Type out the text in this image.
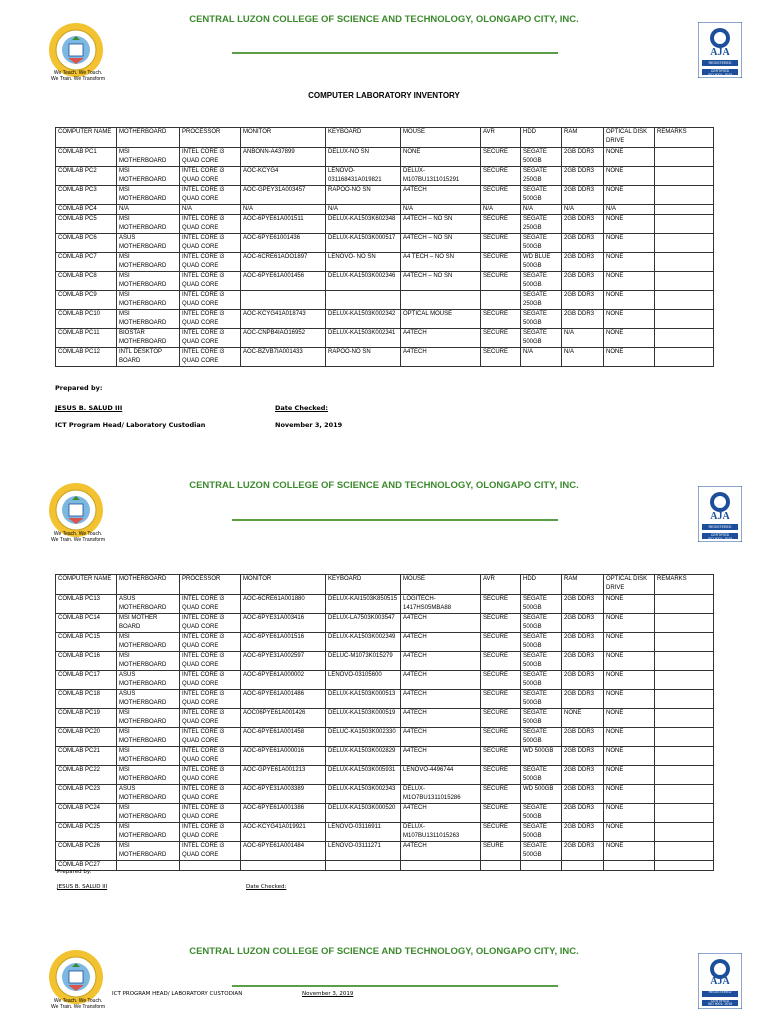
CENTRAL LUZON COLLEGE OF SCIENCE AND TECHNOLOGY, OLONGAPO CITY, INC.
We Teach. We Touch.
We Train. We Transform
AJA
REGISTERED
CERTIFIED
ISO 9001: 2015
COMPUTER LABORATORY INVENTORY
COMPUTER NAME	MOTHERBOARD	PROCESSOR	MONITOR	KEYBOARD	MOUSE	AVR	HDD	RAM	OPTICAL DISK DRIVE	REMARKS
COMLAB PC1	MSI MOTHERBOARD	INTEL CORE i3 QUAD CORE	ANBONN-A437899	DELUX-NO SN	NONE	SECURE	SEGATE 500GB	2GB DDR3	NONE	
COMLAB PC2	MSI MOTHERBOARD	INTEL CORE i3 QUAD CORE	AOC-KCYG4	LENOVO-031168431A019821	DELUX-M107BU1311015291	SECURE	SEGATE 250GB	2GB DDR3	NONE	
COMLAB PC3	MSI MOTHERBOARD	INTEL CORE i3 QUAD CORE	AOC-GPEY31A003457	RAPOO-NO SN	A4TECH	SECURE	SEGATE 500GB	2GB DDR3	NONE	
COMLAB PC4	N/A	N/A	N/A	N/A	N/A	N/A	N/A	N/A	N/A	
COMLAB PC5	MSI MOTHERBOARD	INTEL CORE i3 QUAD CORE	AOC-6PYE61A001511	DELUX-KA1503K602348	A4TECH – NO SN	SECURE	SEGATE 250GB	2GB DDR3	NONE	
COMLAB PC6	ASUS MOTHERBOARD	INTEL CORE i3 QUAD CORE	AOC-6PYE61001436	DELUX-KA1503K000517	A4TECH – NO SN	SECURE	SEGATE 500GB	2GB DDR3	NONE	
COMLAB PC7	MSI MOTHERBOARD	INTEL CORE i3 QUAD CORE	AOC-6CRE61AOO1897	LENOVO- NO SN	A4 TECH – NO SN	SECURE	WD BLUE 500GB	2GB DDR3	NONE	
COMLAB PC8	MSI MOTHERBOARD	INTEL CORE i3 QUAD CORE	AOC-6PYE61A001456	DELUX-KA1503K002346	A4TECH – NO SN	SECURE	SEGATE 500GB	2GB DDR3	NONE	
COMLAB PC9	MSI MOTHERBOARD	INTEL CORE i3 QUAD CORE					SEGATE 250GB	2GB DDR3	NONE	
COMLAB PC10	MSI MOTHERBOARD	INTEL CORE i3 QUAD CORE	AOC-KCYG41A018743	DELUX-KA1503K002342	OPTICAL MOUSE	SECURE	SEGATE 500GB	2GB DDR3	NONE	
COMLAB PC11	BIOSTAR MOTHERBOARD	INTEL CORE i3 QUAD CORE	AOC-CNPB4IAO16952	DELUX-KA1503K002341	A4TECH	SECURE	SEGATE 500GB	N/A	NONE	
COMLAB PC12	INTL DESKTOP BOARD	INTEL CORE i3 QUAD CORE	AOC-BZVB7IA001433	RAPOO-NO SN	A4TECH	SECURE	N/A	N/A	NONE	
Prepared by:
JESUS B. SALUD III	Date Checked:
ICT Program Head/ Laboratory Custodian	November 3, 2019
CENTRAL LUZON COLLEGE OF SCIENCE AND TECHNOLOGY, OLONGAPO CITY, INC.
We Teach. We Touch.
We Train. We Transform
AJA
REGISTERED
CERTIFIED
ISO 9001: 2015
COMPUTER NAME	MOTHERBOARD	PROCESSOR	MONITOR	KEYBOARD	MOUSE	AVR	HDD	RAM	OPTICAL DISK DRIVE	REMARKS
COMLAB PC13	ASUS MOTHERBOARD	INTEL CORE i3 QUAD CORE	AOC-6CRE61A001880	DELUX-KAI1503K850515	LOGITECH-1417HS05MBA88	SECURE	SEGATE 500GB	2GB DDR3	NONE	
COMLAB PC14	MSI MOTHER BOARD	INTEL CORE i3 QUAD CORE	AOC-6PYE31A003416	DELUX-LA7503K003547	A4TECH	SECURE	SEGATE 500GB	2GB DDR3	NONE	
COMLAB PC15	MSI MOTHERBOARD	INTEL CORE i3 QUAD CORE	AOC-6PYE61A001516	DELUX-KA1503K002349	A4TECH	SECURE	SEGATE 500GB	2GB DDR3	NONE	
COMLAB PC16	MSI MOTHERBOARD	INTEL CORE i3 QUAD CORE	AOC-6PYE31A002597	DELUC-M1073K015279	A4TECH	SECURE	SEGATE 500GB	2GB DDR3	NONE	
COMLAB PC17	ASUS MOTHERBOARD	INTEL CORE i3 QUAD CORE	AOC-6PYE61A000002	LENOVO-03105600	A4TECH	SECURE	SEGATE 500GB	2GB DDR3	NONE	
COMLAB PC18	ASUS MOTHERBOARD	INTEL CORE i3 QUAD CORE	AOC-6PYE61A001486	DELUX-KA1503K000513	A4TECH	SECURE	SEGATE 500GB	2GB DDR3	NONE	
COMLAB PC19	MSI MOTHERBOARD	INTEL CORE i3 QUAD CORE	AOC06PYE61A001426	DELUX-KA1503K000519	A4TECH	SECURE	SEGATE 500GB	NONE	NONE	
COMLAB PC20	MSI MOTHERBOARD	INTEL CORE i3 QUAD CORE	AOC-6PYE61A001458	DELUC-KA1503K002330	A4TECH	SECURE	SEGATE 500GB	2GB DDR3	NONE	
COMLAB PC21	MSI MOTHERBOARD	INTEL CORE i3 QUAD CORE	AOC-6PYE61A000016	DELUX-KA1503K002829	A4TECH	SECURE	WD 500GB	2GB DDR3	NONE	
COMLAB PC22	MSI MOTHERBOARD	INTEL CORE i3 QUAD CORE	AOC-GPYE61A001213	DELUX-KA1503K005931	LENOVO-4496744	SECURE	SEGATE 500GB	2GB DDR3	NONE	
COMLAB PC23	ASUS MOTHERBOARD	INTEL CORE i3 QUAD CORE	AOC-6PYE31A003389	DELUX-KA1503K002343	DELUX-M1O7BU1311015286	SECURE	WD 500GB	2GB DDR3	NONE	
COMLAB PC24	MSI MOTHERBOARD	INTEL CORE i3 QUAD CORE	AOC-6PYE61A001386	DELUX-KA1503K000520	A4TECH	SECURE	SEGATE 500GB	2GB DDR3	NONE	
COMLAB PC25	MSI MOTHERBOARD	INTEL CORE i3 QUAD CORE	AOC-KCYG41A019921	LENOVO-03116911	DELUX-M107BU1311015263	SECURE	SEGATE 500GB	2GB DDR3	NONE	
COMLAB PC26	MSI MOTHERBOARD	INTEL CORE i3 QUAD CORE	AOC-6PYE61A001484	LENOVO-03111271	A4TECH	SEURE	SEGATE 500GB	2GB DDR3	NONE	
COMLAB PC27										
Prepared by:
JESUS B. SALUD III	Date Checked:
CENTRAL LUZON COLLEGE OF SCIENCE AND TECHNOLOGY, OLONGAPO CITY, INC.
We Teach. We Touch.
We Train. We Transform
AJA
REGISTERED
CERTIFIED
ISO 9001: 2015
ICT PROGRAM HEAD/ LABORATORY CUSTODIAN	November 3, 2019
